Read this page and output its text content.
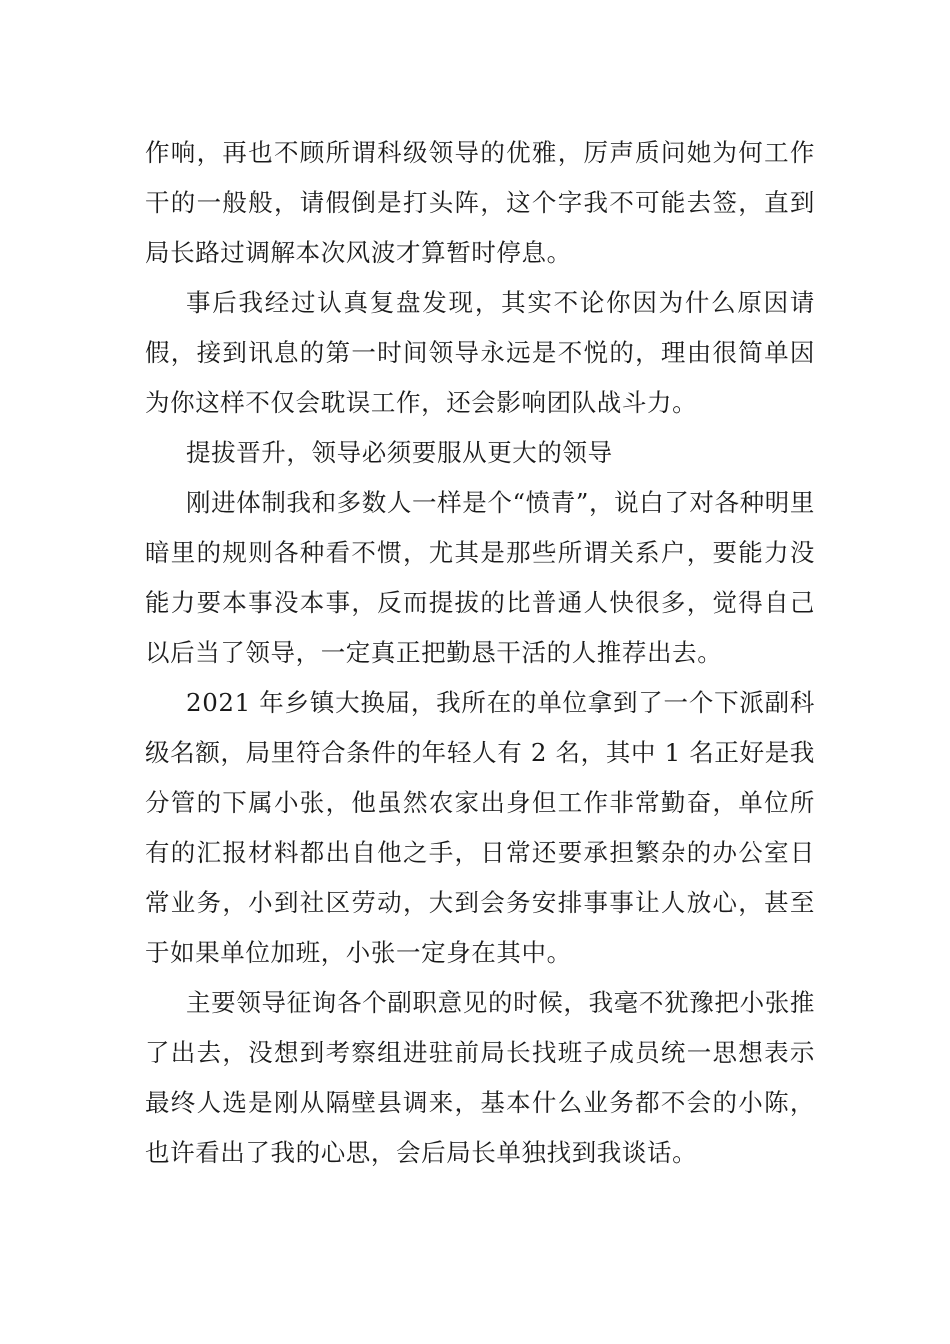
作响，再也不顾所谓科级领导的优雅，厉声质问她为何工作干的一般般，请假倒是打头阵，这个字我不可能去签，直到局长路过调解本次风波才算暂时停息。

事后我经过认真复盘发现，其实不论你因为什么原因请假，接到讯息的第一时间领导永远是不悦的，理由很简单因为你这样不仅会耽误工作，还会影响团队战斗力。

提拔晋升，领导必须要服从更大的领导

刚进体制我和多数人一样是个“愤青”，说白了对各种明里暗里的规则各种看不惯，尤其是那些所谓关系户，要能力没能力要本事没本事，反而提拔的比普通人快很多，觉得自己以后当了领导，一定真正把勤恳干活的人推荐出去。

2021 年乡镇大换届，我所在的单位拿到了一个下派副科级名额，局里符合条件的年轻人有 2 名，其中 1 名正好是我分管的下属小张，他虽然农家出身但工作非常勤奋，单位所有的汇报材料都出自他之手，日常还要承担繁杂的办公室日常业务，小到社区劳动，大到会务安排事事让人放心，甚至于如果单位加班，小张一定身在其中。

主要领导征询各个副职意见的时候，我毫不犹豫把小张推了出去，没想到考察组进驻前局长找班子成员统一思想表示最终人选是刚从隔壁县调来，基本什么业务都不会的小陈，也许看出了我的心思，会后局长单独找到我谈话。
